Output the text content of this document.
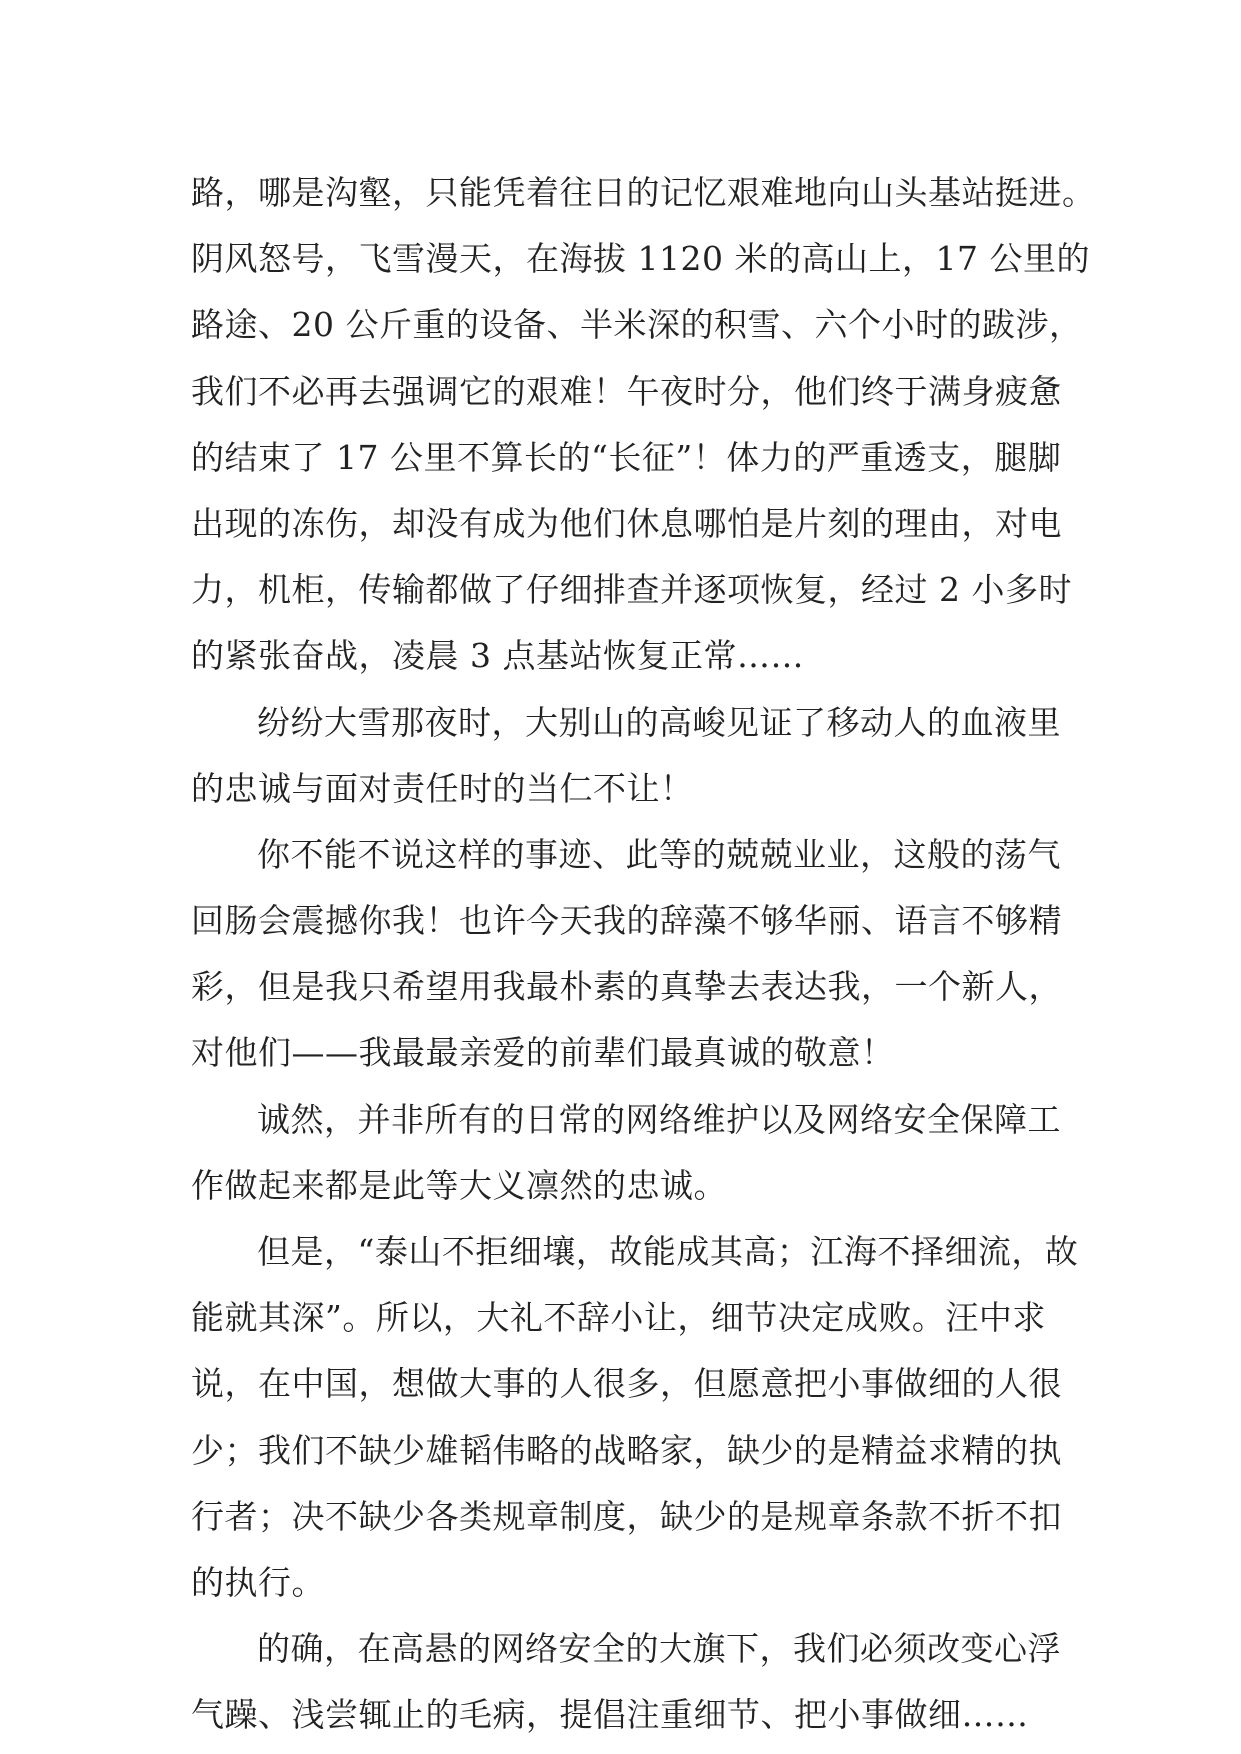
路，哪是沟壑，只能凭着往日的记忆艰难地向山头基站挺进。
阴风怒号，飞雪漫天，在海拔 1120 米的高山上，17 公里的
路途、20 公斤重的设备、半米深的积雪、六个小时的跋涉，
我们不必再去强调它的艰难！午夜时分，他们终于满身疲惫
的结束了 17 公里不算长的“长征”！体力的严重透支，腿脚
出现的冻伤，却没有成为他们休息哪怕是片刻的理由，对电
力，机柜，传输都做了仔细排查并逐项恢复，经过 2 小多时
的紧张奋战，凌晨 3 点基站恢复正常……
纷纷大雪那夜时，大别山的高峻见证了移动人的血液里
的忠诚与面对责任时的当仁不让！
你不能不说这样的事迹、此等的兢兢业业，这般的荡气
回肠会震撼你我！也许今天我的辞藻不够华丽、语言不够精
彩，但是我只希望用我最朴素的真挚去表达我，一个新人，
对他们——我最最亲爱的前辈们最真诚的敬意！
诚然，并非所有的日常的网络维护以及网络安全保障工
作做起来都是此等大义凛然的忠诚。
但是，“泰山不拒细壤，故能成其高；江海不择细流，故
能就其深”。所以，大礼不辞小让，细节决定成败。汪中求
说，在中国，想做大事的人很多，但愿意把小事做细的人很
少；我们不缺少雄韬伟略的战略家，缺少的是精益求精的执
行者；决不缺少各类规章制度，缺少的是规章条款不折不扣
的执行。
的确，在高悬的网络安全的大旗下，我们必须改变心浮
气躁、浅尝辄止的毛病，提倡注重细节、把小事做细……
